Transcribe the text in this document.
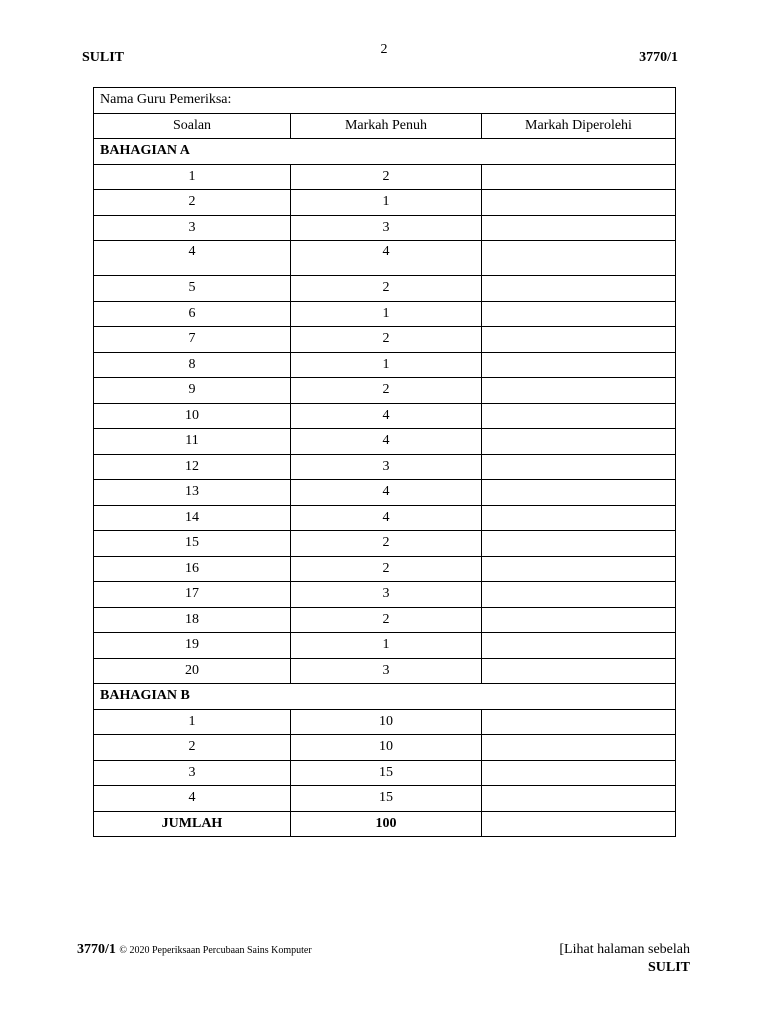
SULIT
2
3770/1
Nama Guru Pemeriksa:		
Soalan	Markah Penuh	Markah Diperolehi
BAHAGIAN A		
1	2	
2	1	
3	3	
4	4	
5	2	
6	1	
7	2	
8	1	
9	2	
10	4	
11	4	
12	3	
13	4	
14	4	
15	2	
16	2	
17	3	
18	2	
19	1	
20	3	
BAHAGIAN B		
1	10	
2	10	
3	15	
4	15	
JUMLAH	100	
3770/1 © 2020 Peperiksaan Percubaan Sains Komputer	[Lihat halaman sebelah
SULIT
